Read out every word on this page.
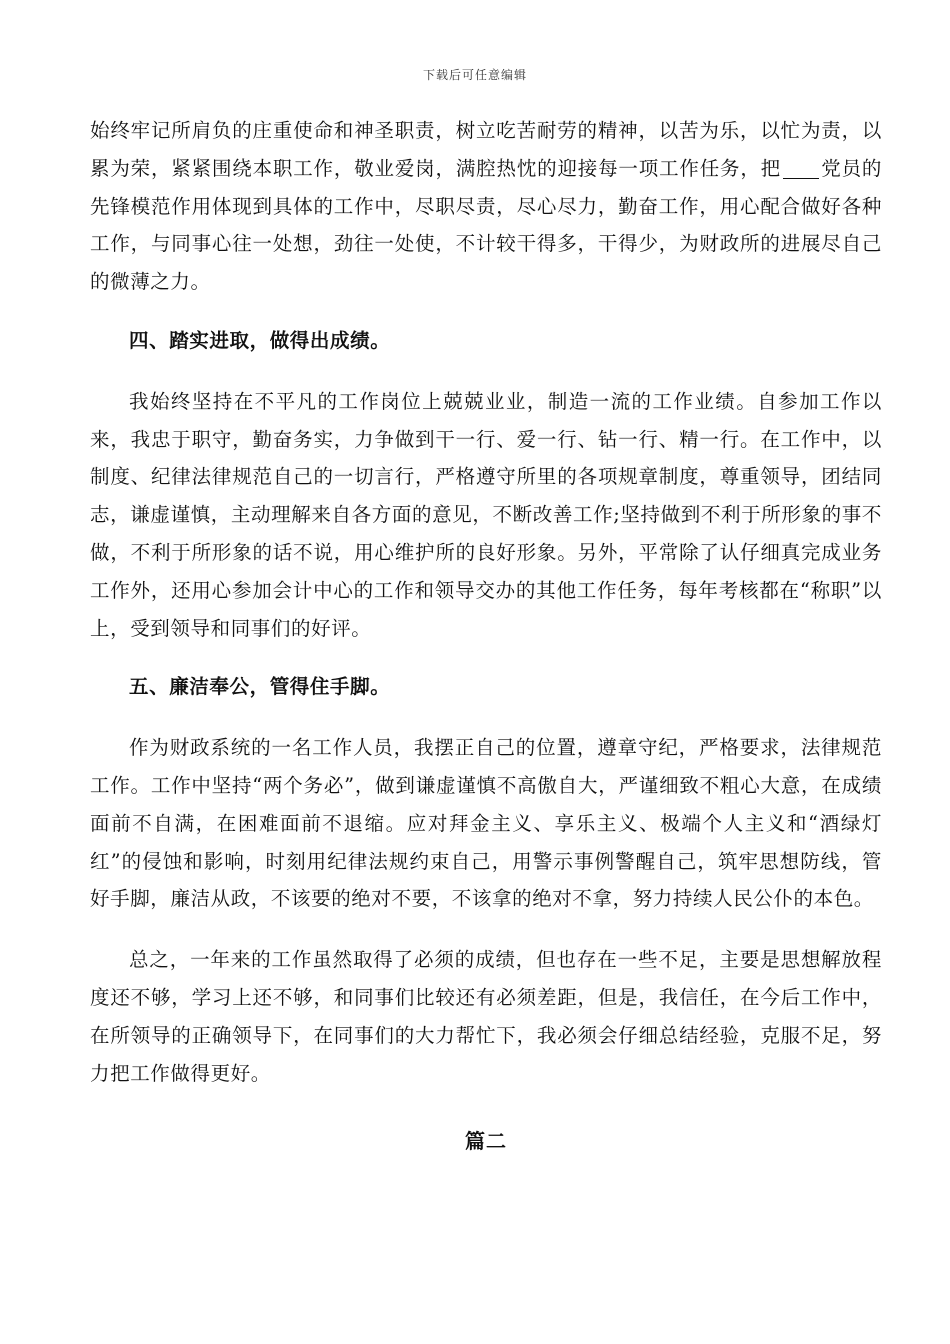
下载后可任意编辑

始终牢记所肩负的庄重使命和神圣职责，树立吃苦耐劳的精神，以苦为乐，以忙为责，以累为荣，紧紧围绕本职工作，敬业爱岗，满腔热忱的迎接每一项工作任务，把 党员的先锋模范作用体现到具体的工作中，尽职尽责，尽心尽力，勤奋工作，用心配合做好各种工作，与同事心往一处想，劲往一处使，不计较干得多，干得少，为财政所的进展尽自己的微薄之力。

四、踏实进取，做得出成绩。

我始终坚持在不平凡的工作岗位上兢兢业业，制造一流的工作业绩。自参加工作以来，我忠于职守，勤奋务实，力争做到干一行、爱一行、钻一行、精一行。在工作中，以制度、纪律法律规范自己的一切言行，严格遵守所里的各项规章制度，尊重领导，团结同志，谦虚谨慎，主动理解来自各方面的意见，不断改善工作;坚持做到不利于所形象的事不做，不利于所形象的话不说，用心维护所的良好形象。另外，平常除了认仔细真完成业务工作外，还用心参加会计中心的工作和领导交办的其他工作任务，每年考核都在“称职”以上，受到领导和同事们的好评。

五、廉洁奉公，管得住手脚。

作为财政系统的一名工作人员，我摆正自己的位置，遵章守纪，严格要求，法律规范工作。工作中坚持“两个务必”，做到谦虚谨慎不高傲自大，严谨细致不粗心大意，在成绩面前不自满，在困难面前不退缩。应对拜金主义、享乐主义、极端个人主义和“酒绿灯红”的侵蚀和影响，时刻用纪律法规约束自己，用警示事例警醒自己，筑牢思想防线，管好手脚，廉洁从政，不该要的绝对不要，不该拿的绝对不拿，努力持续人民公仆的本色。

总之，一年来的工作虽然取得了必须的成绩，但也存在一些不足，主要是思想解放程度还不够，学习上还不够，和同事们比较还有必须差距，但是，我信任，在今后工作中，在所领导的正确领导下，在同事们的大力帮忙下，我必须会仔细总结经验，克服不足，努力把工作做得更好。

篇二
